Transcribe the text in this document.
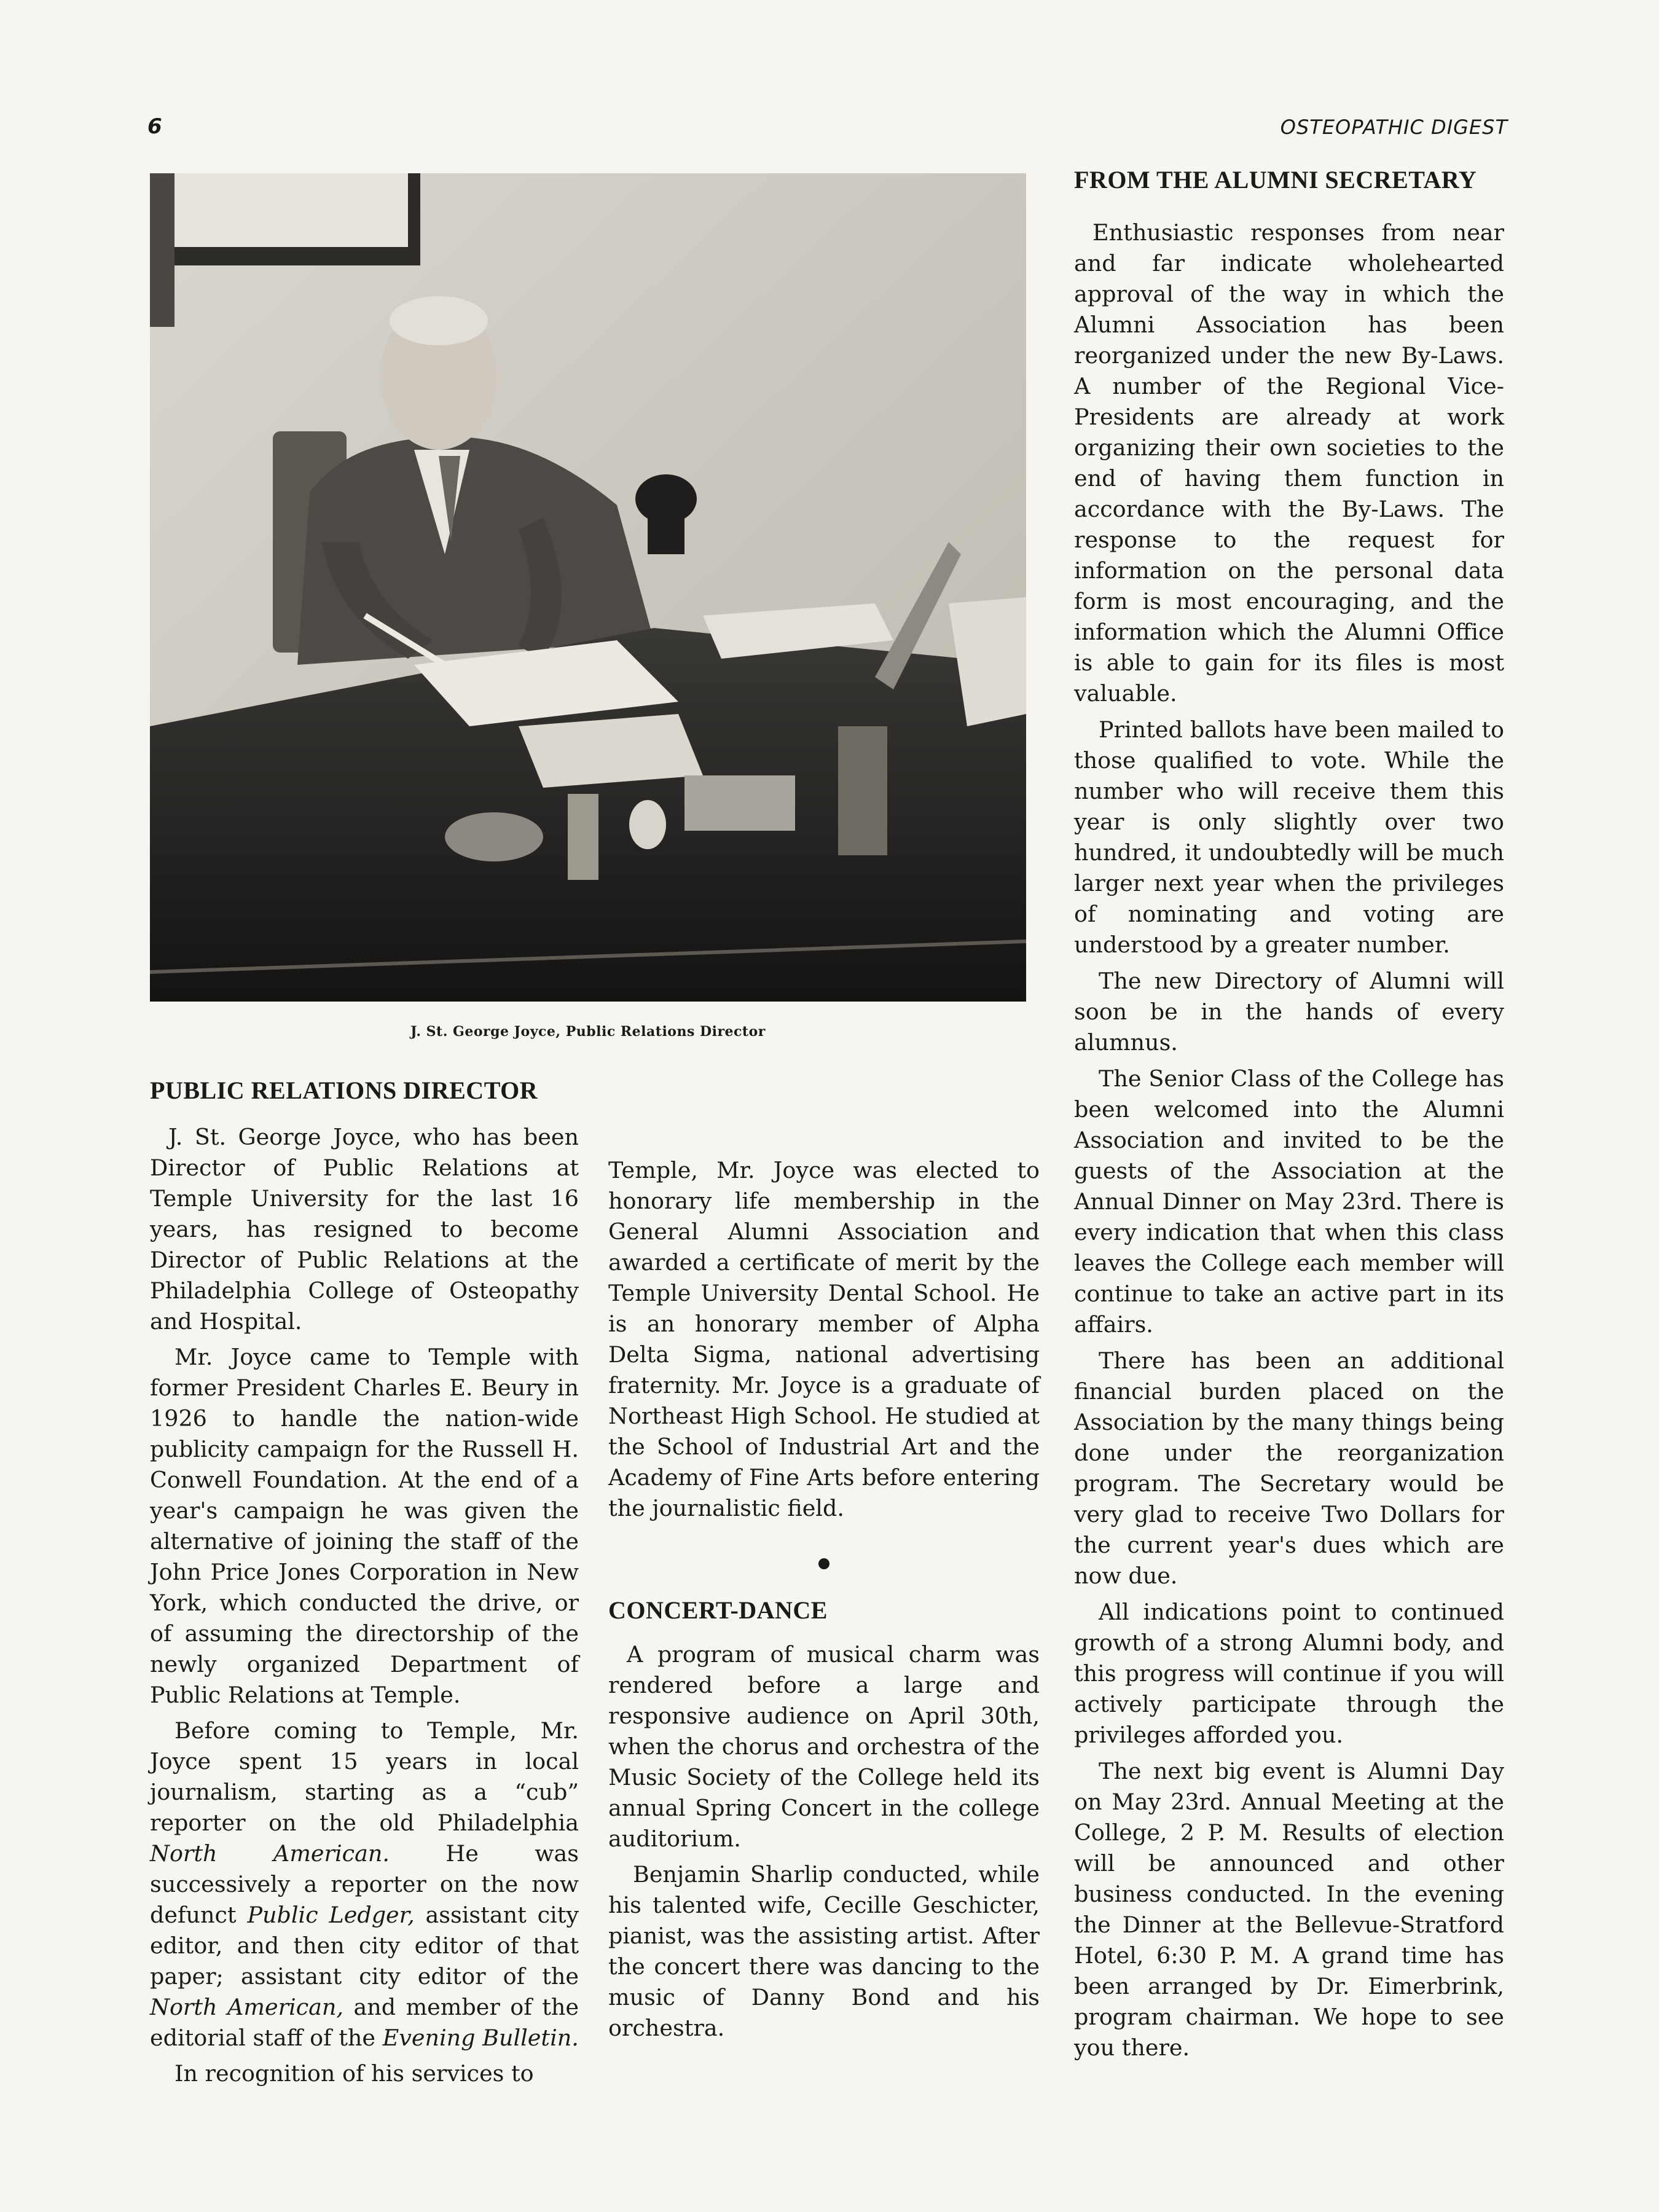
6	OSTEOPATHIC DIGEST
J. St. George Joyce, Public Relations Director
PUBLIC RELATIONS DIRECTOR

J. St. George Joyce, who has been Director of Public Relations at Temple University for the last 16 years, has resigned to become Director of Public Relations at the Philadelphia College of Osteopathy and Hospital.

Mr. Joyce came to Temple with former President Charles E. Beury in 1926 to handle the nation-wide publicity campaign for the Russell H. Conwell Foundation. At the end of a year's campaign he was given the alternative of joining the staff of the John Price Jones Corporation in New York, which conducted the drive, or of assuming the directorship of the newly organized Department of Public Relations at Temple.

Before coming to Temple, Mr. Joyce spent 15 years in local journalism, starting as a “cub” reporter on the old Philadelphia North American. He was successively a reporter on the now defunct Public Ledger, assistant city editor, and then city editor of that paper; assistant city editor of the North American, and member of the editorial staff of the Evening Bulletin.

In recognition of his services to

Temple, Mr. Joyce was elected to honorary life membership in the General Alumni Association and awarded a certificate of merit by the Temple University Dental School. He is an honorary member of Alpha Delta Sigma, national advertising fraternity. Mr. Joyce is a graduate of Northeast High School. He studied at the School of Industrial Art and the Academy of Fine Arts before entering the journalistic field.

CONCERT-DANCE

A program of musical charm was rendered before a large and responsive audience on April 30th, when the chorus and orchestra of the Music Society of the College held its annual Spring Concert in the college auditorium.

Benjamin Sharlip conducted, while his talented wife, Cecille Geschicter, pianist, was the assisting artist. After the concert there was dancing to the music of Danny Bond and his orchestra.

FROM THE ALUMNI SECRETARY

Enthusiastic responses from near and far indicate wholehearted approval of the way in which the Alumni Association has been reorganized under the new By-Laws. A number of the Regional Vice-Presidents are already at work organizing their own societies to the end of having them function in accordance with the By-Laws. The response to the request for information on the personal data form is most encouraging, and the information which the Alumni Office is able to gain for its files is most valuable.

Printed ballots have been mailed to those qualified to vote. While the number who will receive them this year is only slightly over two hundred, it undoubtedly will be much larger next year when the privileges of nominating and voting are understood by a greater number.

The new Directory of Alumni will soon be in the hands of every alumnus.

The Senior Class of the College has been welcomed into the Alumni Association and invited to be the guests of the Association at the Annual Dinner on May 23rd. There is every indication that when this class leaves the College each member will continue to take an active part in its affairs.

There has been an additional financial burden placed on the Association by the many things being done under the reorganization program. The Secretary would be very glad to receive Two Dollars for the current year's dues which are now due.

All indications point to continued growth of a strong Alumni body, and this progress will continue if you will actively participate through the privileges afforded you.

The next big event is Alumni Day on May 23rd. Annual Meeting at the College, 2 P. M. Results of election will be announced and other business conducted. In the evening the Dinner at the Bellevue-Stratford Hotel, 6:30 P. M. A grand time has been arranged by Dr. Eimerbrink, program chairman. We hope to see you there.
